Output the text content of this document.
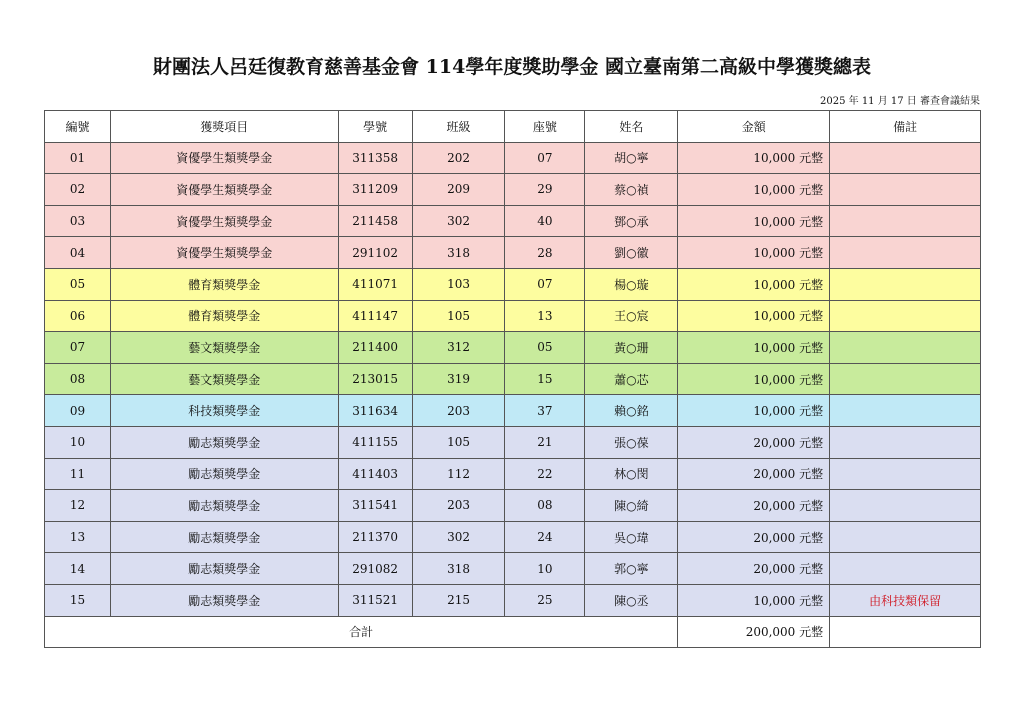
財團法人呂廷復教育慈善基金會 114學年度獎助學金 國立臺南第二高級中學獲獎總表
2025 年 11 月 17 日 審查會議結果
編號	獲獎項目	學號	班級	座號	姓名	金額	備註
01	資優學生類獎學金	311358	202	07	胡○寧	10,000 元整	
02	資優學生類獎學金	311209	209	29	蔡○禎	10,000 元整	
03	資優學生類獎學金	211458	302	40	鄧○承	10,000 元整	
04	資優學生類獎學金	291102	318	28	劉○徽	10,000 元整	
05	體育類獎學金	411071	103	07	楊○璇	10,000 元整	
06	體育類獎學金	411147	105	13	王○宸	10,000 元整	
07	藝文類獎學金	211400	312	05	黃○珊	10,000 元整	
08	藝文類獎學金	213015	319	15	蕭○芯	10,000 元整	
09	科技類獎學金	311634	203	37	賴○銘	10,000 元整	
10	勵志類獎學金	411155	105	21	張○葆	20,000 元整	
11	勵志類獎學金	411403	112	22	林○閔	20,000 元整	
12	勵志類獎學金	311541	203	08	陳○綺	20,000 元整	
13	勵志類獎學金	211370	302	24	吳○瑋	20,000 元整	
14	勵志類獎學金	291082	318	10	郭○寧	20,000 元整	
15	勵志類獎學金	311521	215	25	陳○丞	10,000 元整	由科技類保留
合計						200,000 元整	
